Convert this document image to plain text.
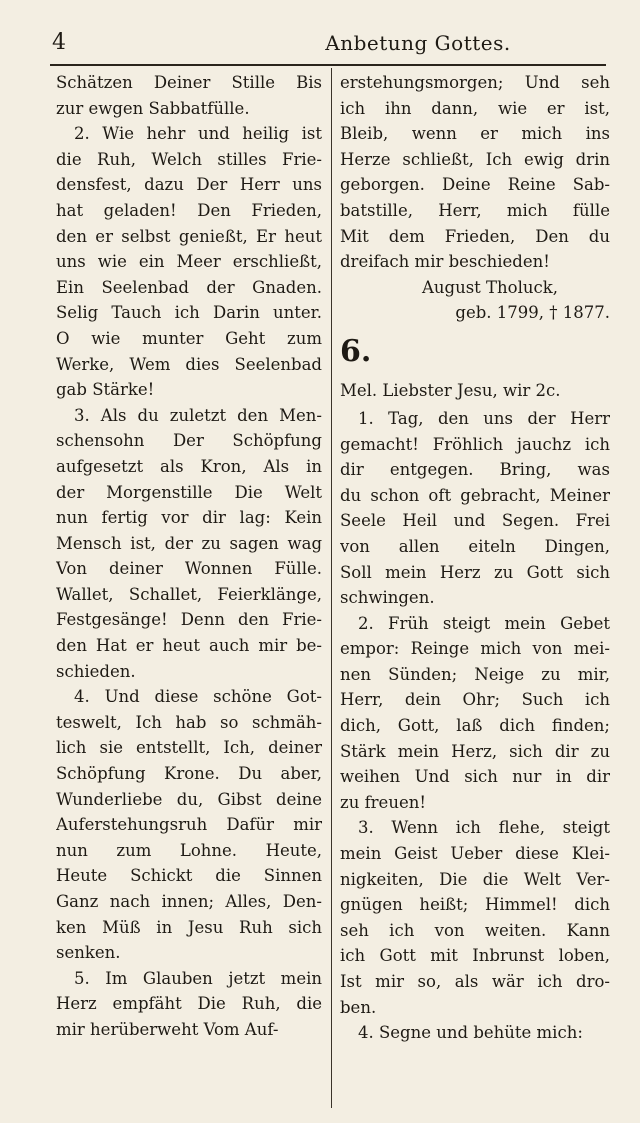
4	Anbetung Gottes.
Schätzen Deiner Stille Bis
zur ewgen Sabbatfülle.
2. Wie hehr und heilig ist
die Ruh, Welch stilles Frie-
densfest, dazu Der Herr uns
hat geladen! Den Frieden,
den er selbst genießt, Er heut
uns wie ein Meer erschließt,
Ein Seelenbad der Gnaden.
Selig Tauch ich Darin unter.
O wie munter Geht zum
Werke, Wem dies Seelenbad
gab Stärke!
3. Als du zuletzt den Men-
schensohn Der Schöpfung
aufgesetzt als Kron, Als in
der Morgenstille Die Welt
nun fertig vor dir lag: Kein
Mensch ist, der zu sagen wag
Von deiner Wonnen Fülle.
Wallet, Schallet, Feierklänge,
Festgesänge! Denn den Frie-
den Hat er heut auch mir be-
schieden.
4. Und diese schöne Got-
teswelt, Ich hab so schmäh-
lich sie entstellt, Ich, deiner
Schöpfung Krone. Du aber,
Wunderliebe du, Gibst deine
Auferstehungsruh Dafür mir
nun zum Lohne. Heute,
Heute Schickt die Sinnen
Ganz nach innen; Alles, Den-
ken Müß in Jesu Ruh sich
senken.
5. Im Glauben jetzt mein
Herz empfäht Die Ruh, die
mir herüberweht Vom Auf-
erstehungsmorgen; Und seh
ich ihn dann, wie er ist,
Bleib, wenn er mich ins
Herze schließt, Ich ewig drin
geborgen. Deine Reine Sab-
batstille, Herr, mich fülle
Mit dem Frieden, Den du
dreifach mir beschieden!
August Tholuck,
geb. 1799, † 1877.
6.
Mel. Liebster Jesu, wir 2c.
1. Tag, den uns der Herr
gemacht! Fröhlich jauchz ich
dir entgegen. Bring, was
du schon oft gebracht, Meiner
Seele Heil und Segen. Frei
von allen eiteln Dingen,
Soll mein Herz zu Gott sich
schwingen.
2. Früh steigt mein Gebet
empor: Reinge mich von mei-
nen Sünden; Neige zu mir,
Herr, dein Ohr; Such ich
dich, Gott, laß dich finden;
Stärk mein Herz, sich dir zu
weihen Und sich nur in dir
zu freuen!
3. Wenn ich flehe, steigt
mein Geist Ueber diese Klei-
nigkeiten, Die die Welt Ver-
gnügen heißt; Himmel! dich
seh ich von weiten. Kann
ich Gott mit Inbrunst loben,
Ist mir so, als wär ich dro-
ben.
4. Segne und behüte mich:
